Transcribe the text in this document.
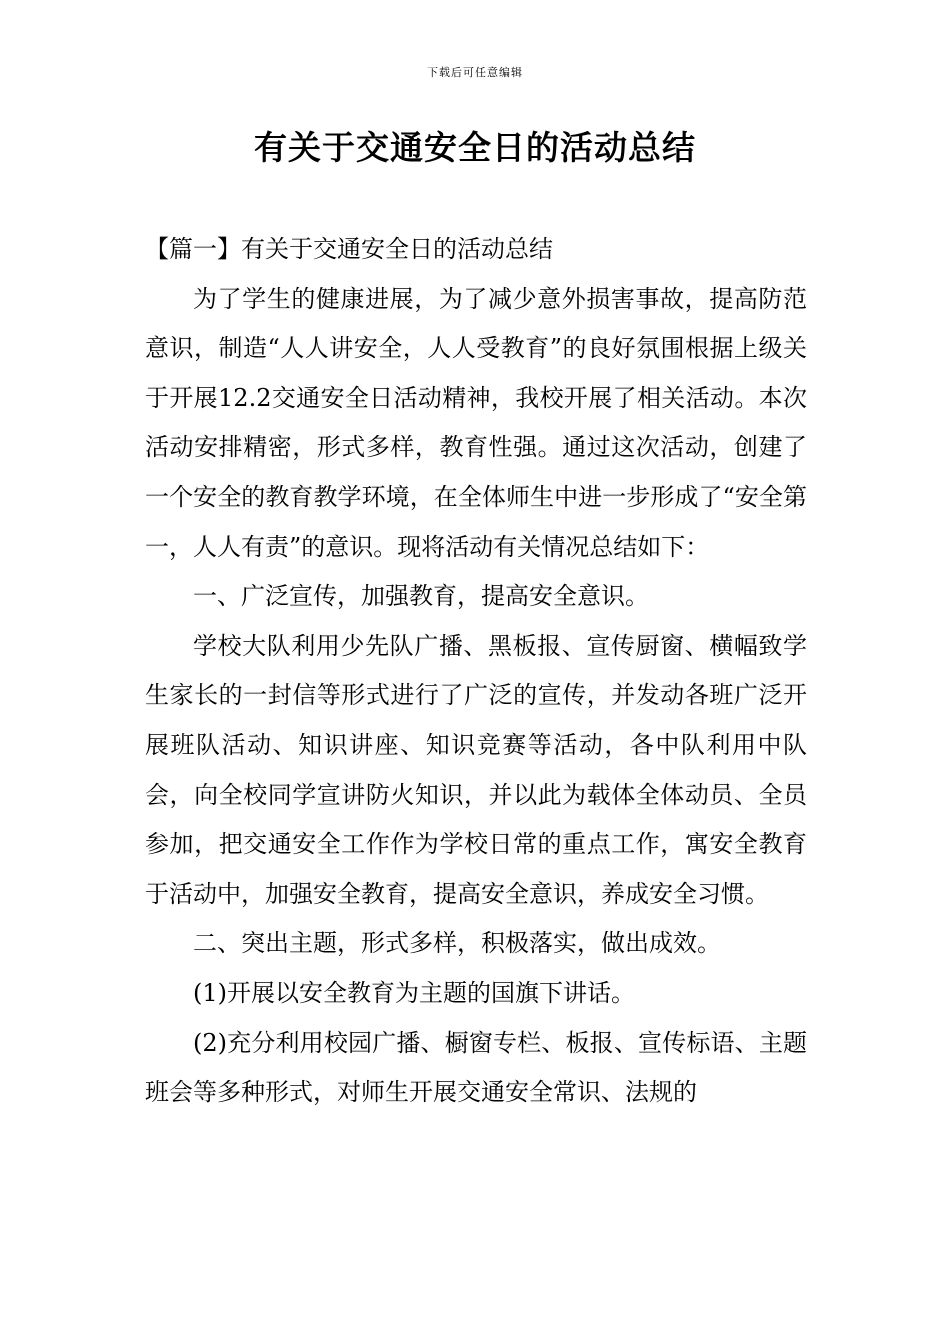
下载后可任意编辑
有关于交通安全日的活动总结

【篇一】有关于交通安全日的活动总结

为了学生的健康进展，为了减少意外损害事故，提高防范意识，制造“人人讲安全，人人受教育”的良好氛围根据上级关于开展12.2交通安全日活动精神，我校开展了相关活动。本次活动安排精密，形式多样，教育性强。通过这次活动，创建了一个安全的教育教学环境，在全体师生中进一步形成了“安全第一，人人有责”的意识。现将活动有关情况总结如下：

一、广泛宣传，加强教育，提高安全意识。

学校大队利用少先队广播、黑板报、宣传厨窗、横幅致学生家长的一封信等形式进行了广泛的宣传，并发动各班广泛开展班队活动、知识讲座、知识竞赛等活动，各中队利用中队会，向全校同学宣讲防火知识，并以此为载体全体动员、全员参加，把交通安全工作作为学校日常的重点工作，寓安全教育于活动中，加强安全教育，提高安全意识，养成安全习惯。

二、突出主题，形式多样，积极落实，做出成效。

(1)开展以安全教育为主题的国旗下讲话。

(2)充分利用校园广播、橱窗专栏、板报、宣传标语、主题班会等多种形式，对师生开展交通安全常识、法规的
